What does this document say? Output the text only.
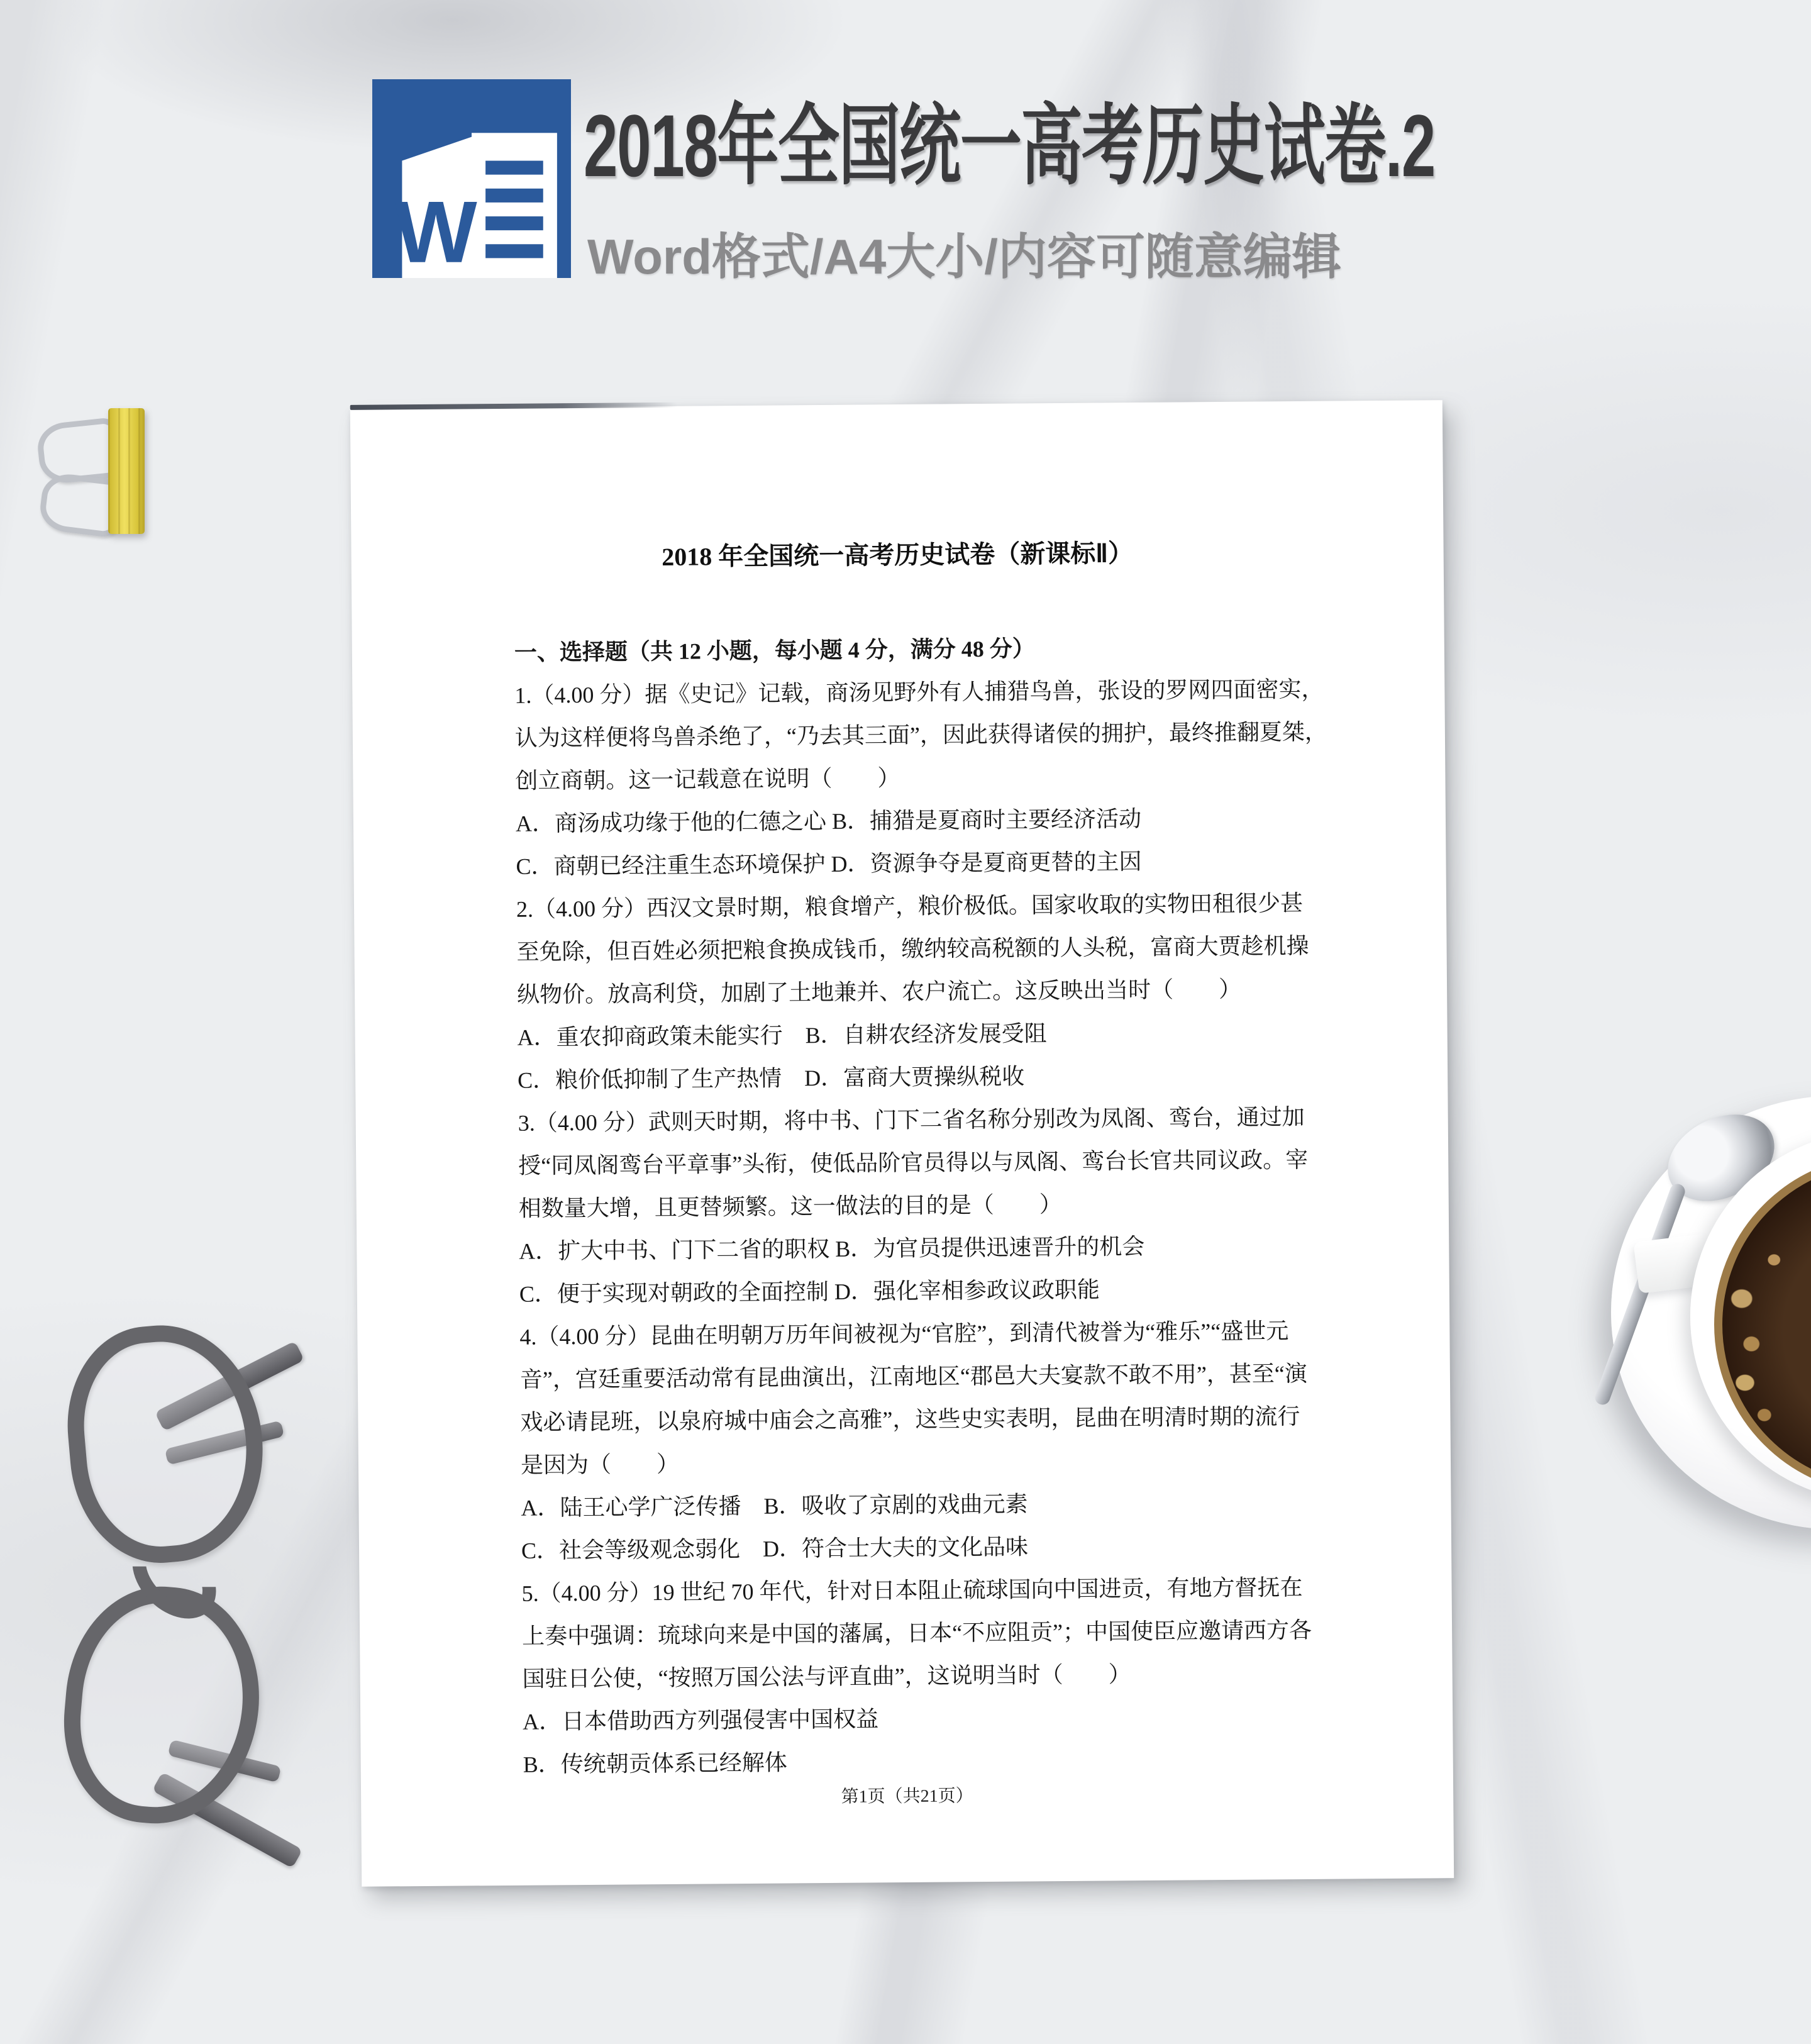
W
2018年全国统一高考历史试卷.2
Word格式/A4大小/内容可随意编辑
2018 年全国统一高考历史试卷（新课标Ⅱ）
一、选择题（共 12 小题，每小题 4 分，满分 48 分）
1.（4.00 分）据《史记》记载，商汤见野外有人捕猎鸟兽，张设的罗网四面密实，
认为这样便将鸟兽杀绝了，“乃去其三面”，因此获得诸侯的拥护，最终推翻夏桀，
创立商朝。这一记载意在说明（　　）
A．商汤成功缘于他的仁德之心 B．捕猎是夏商时主要经济活动
C．商朝已经注重生态环境保护 D．资源争夺是夏商更替的主因
2.（4.00 分）西汉文景时期，粮食增产，粮价极低。国家收取的实物田租很少甚
至免除，但百姓必须把粮食换成钱币，缴纳较高税额的人头税，富商大贾趁机操
纵物价。放高利贷，加剧了土地兼并、农户流亡。这反映出当时（　　）
A．重农抑商政策未能实行　B．自耕农经济发展受阻
C．粮价低抑制了生产热情　D．富商大贾操纵税收
3.（4.00 分）武则天时期，将中书、门下二省名称分别改为凤阁、鸾台，通过加
授“同凤阁鸾台平章事”头衔，使低品阶官员得以与凤阁、鸾台长官共同议政。宰
相数量大增，且更替频繁。这一做法的目的是（　　）
A．扩大中书、门下二省的职权 B．为官员提供迅速晋升的机会
C．便于实现对朝政的全面控制 D．强化宰相参政议政职能
4.（4.00 分）昆曲在明朝万历年间被视为“官腔”，到清代被誉为“雅乐”“盛世元
音”，宫廷重要活动常有昆曲演出，江南地区“郡邑大夫宴款不敢不用”，甚至“演
戏必请昆班，以泉府城中庙会之高雅”，这些史实表明，昆曲在明清时期的流行
是因为（　　）
A．陆王心学广泛传播　B．吸收了京剧的戏曲元素
C．社会等级观念弱化　D．符合士大夫的文化品味
5.（4.00 分）19 世纪 70 年代，针对日本阻止硫球国向中国进贡，有地方督抚在
上奏中强调：琉球向来是中国的藩属，日本“不应阻贡”；中国使臣应邀请西方各
国驻日公使，“按照万国公法与评直曲”，这说明当时（　　）
A．日本借助西方列强侵害中国权益
B．传统朝贡体系已经解体
第1页（共21页）
